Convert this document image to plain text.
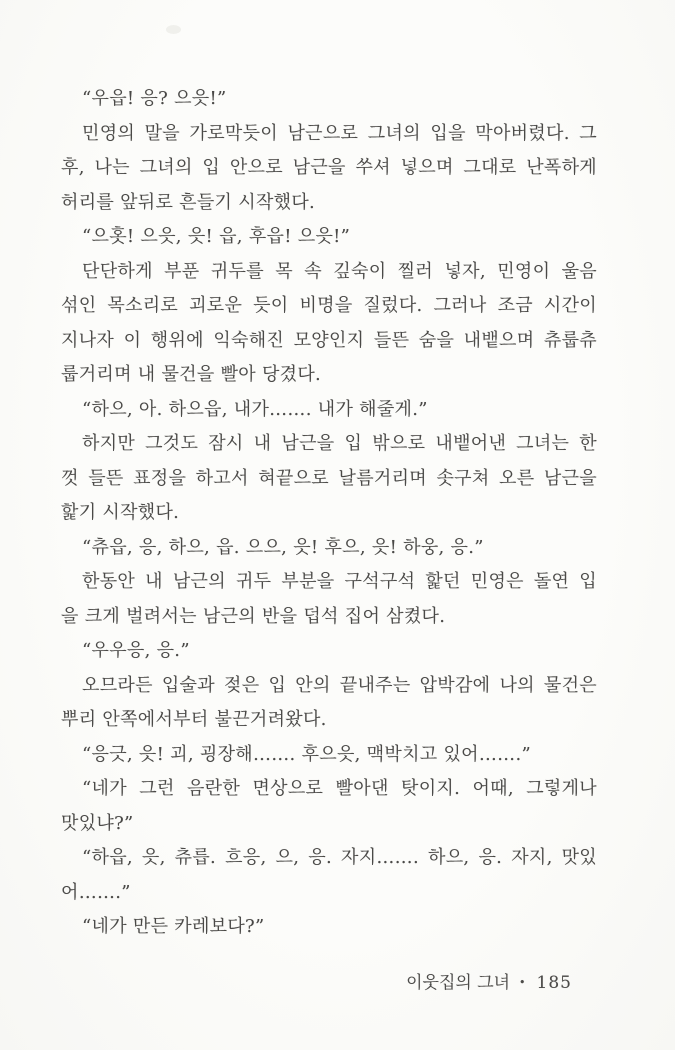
“우읍! 응? 으읏!”
민영의 말을 가로막듯이 남근으로 그녀의 입을 막아버렸다. 그
후, 나는 그녀의 입 안으로 남근을 쑤셔 넣으며 그대로 난폭하게
허리를 앞뒤로 흔들기 시작했다.
“으홋! 으읏, 읏! 읍, 후읍! 으읏!”
단단하게 부푼 귀두를 목 속 깊숙이 찔러 넣자, 민영이 울음
섞인 목소리로 괴로운 듯이 비명을 질렀다. 그러나 조금 시간이
지나자 이 행위에 익숙해진 모양인지 들뜬 숨을 내뱉으며 츄룹츄
룹거리며 내 물건을 빨아 당겼다.
“하으, 아. 하으읍, 내가……. 내가 해줄게.”
하지만 그것도 잠시 내 남근을 입 밖으로 내뱉어낸 그녀는 한
껏 들뜬 표정을 하고서 혀끝으로 날름거리며 솟구쳐 오른 남근을
핥기 시작했다.
“츄읍, 응, 하으, 읍. 으으, 읏! 후으, 읏! 하웅, 응.”
한동안 내 남근의 귀두 부분을 구석구석 핥던 민영은 돌연 입
을 크게 벌려서는 남근의 반을 덥석 집어 삼켰다.
“우우응, 응.”
오므라든 입술과 젖은 입 안의 끝내주는 압박감에 나의 물건은
뿌리 안쪽에서부터 불끈거려왔다.
“응긋, 읏! 괴, 굉장해……. 후으읏, 맥박치고 있어…….”
“네가 그런 음란한 면상으로 빨아댄 탓이지. 어때, 그렇게나
맛있냐?”
“하읍, 읏, 츄릅. 흐응, 으, 응. 자지……. 하으, 응. 자지, 맛있
어…….”
“네가 만든 카레보다?”
이웃집의 그녀 • 185
